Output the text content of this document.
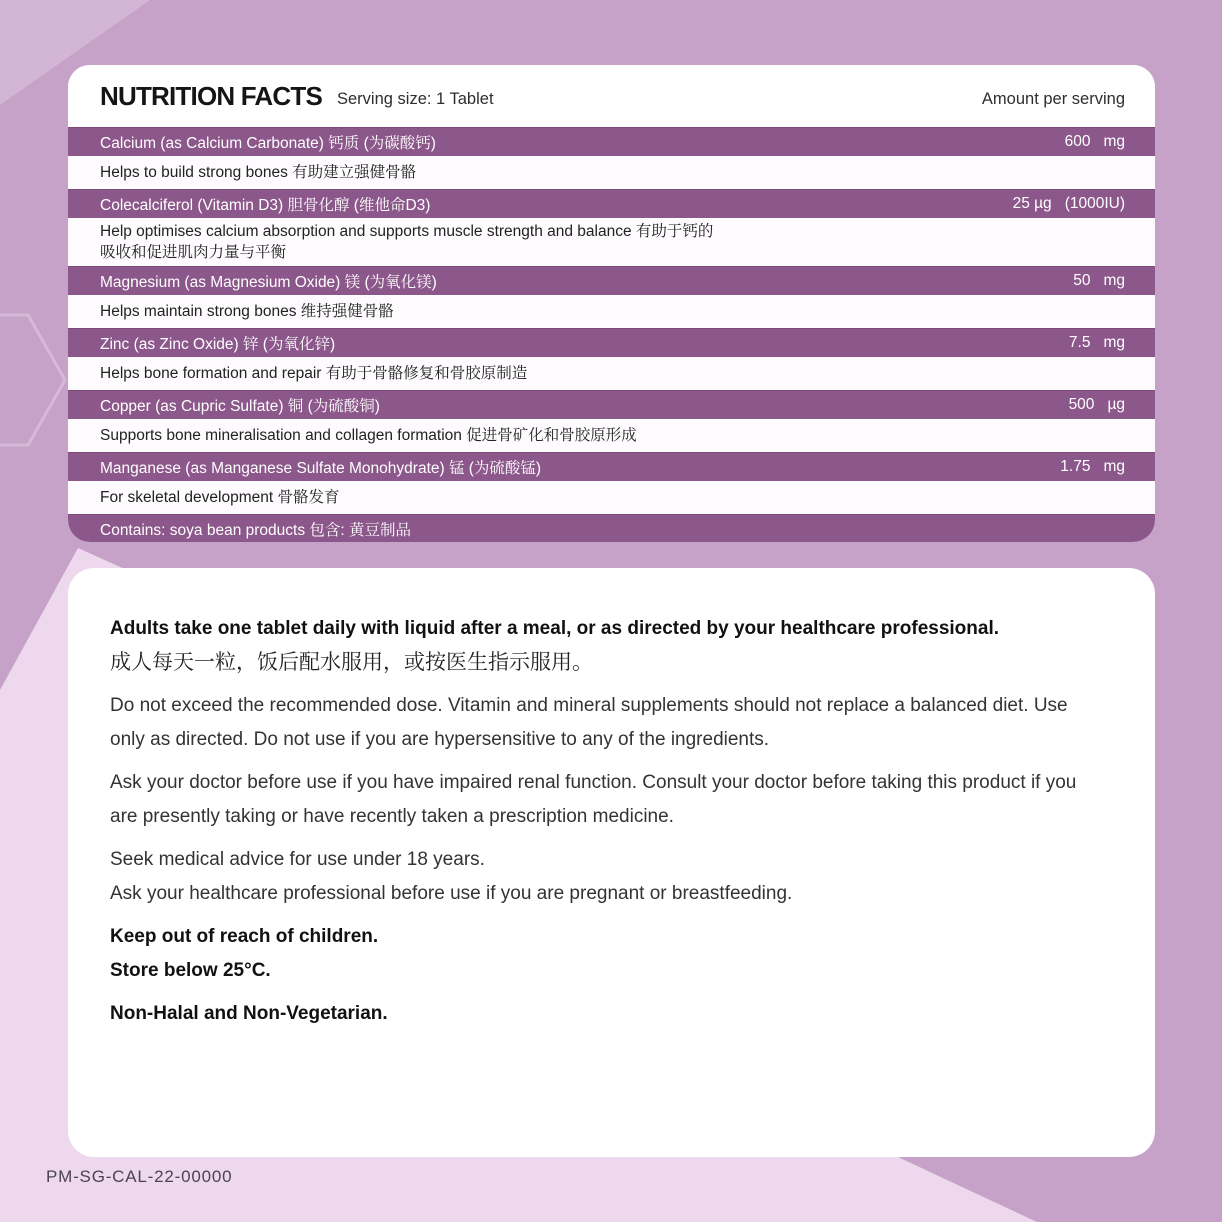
NUTRITION FACTS Serving size: 1 Tablet	Amount per serving
Calcium (as Calcium Carbonate) 钙质 (为碳酸钙)	600 mg
Helps to build strong bones 有助建立强健骨骼
Colecalciferol (Vitamin D3) 胆骨化醇 (维他命D3)	25 µg (1000IU)
Help optimises calcium absorption and supports muscle strength and balance 有助于钙的吸收和促进肌肉力量与平衡
Magnesium (as Magnesium Oxide) 镁 (为氧化镁)	50 mg
Helps maintain strong bones 维持强健骨骼
Zinc (as Zinc Oxide) 锌 (为氧化锌)	7.5 mg
Helps bone formation and repair 有助于骨骼修复和骨胶原制造
Copper (as Cupric Sulfate) 铜 (为硫酸铜)	500 µg
Supports bone mineralisation and collagen formation 促进骨矿化和骨胶原形成
Manganese (as Manganese Sulfate Monohydrate) 锰 (为硫酸锰)	1.75 mg
For skeletal development 骨骼发育
Contains: soya bean products 包含: 黄豆制品

Adults take one tablet daily with liquid after a meal, or as directed by your healthcare professional.

成人每天一粒，饭后配水服用，或按医生指示服用。

Do not exceed the recommended dose. Vitamin and mineral supplements should not replace a balanced diet. Use only as directed. Do not use if you are hypersensitive to any of the ingredients.

Ask your doctor before use if you have impaired renal function. Consult your doctor before taking this product if you are presently taking or have recently taken a prescription medicine.

Seek medical advice for use under 18 years.

Ask your healthcare professional before use if you are pregnant or breastfeeding.

Keep out of reach of children.

Store below 25°C.

Non-Halal and Non-Vegetarian.

PM-SG-CAL-22-00000
